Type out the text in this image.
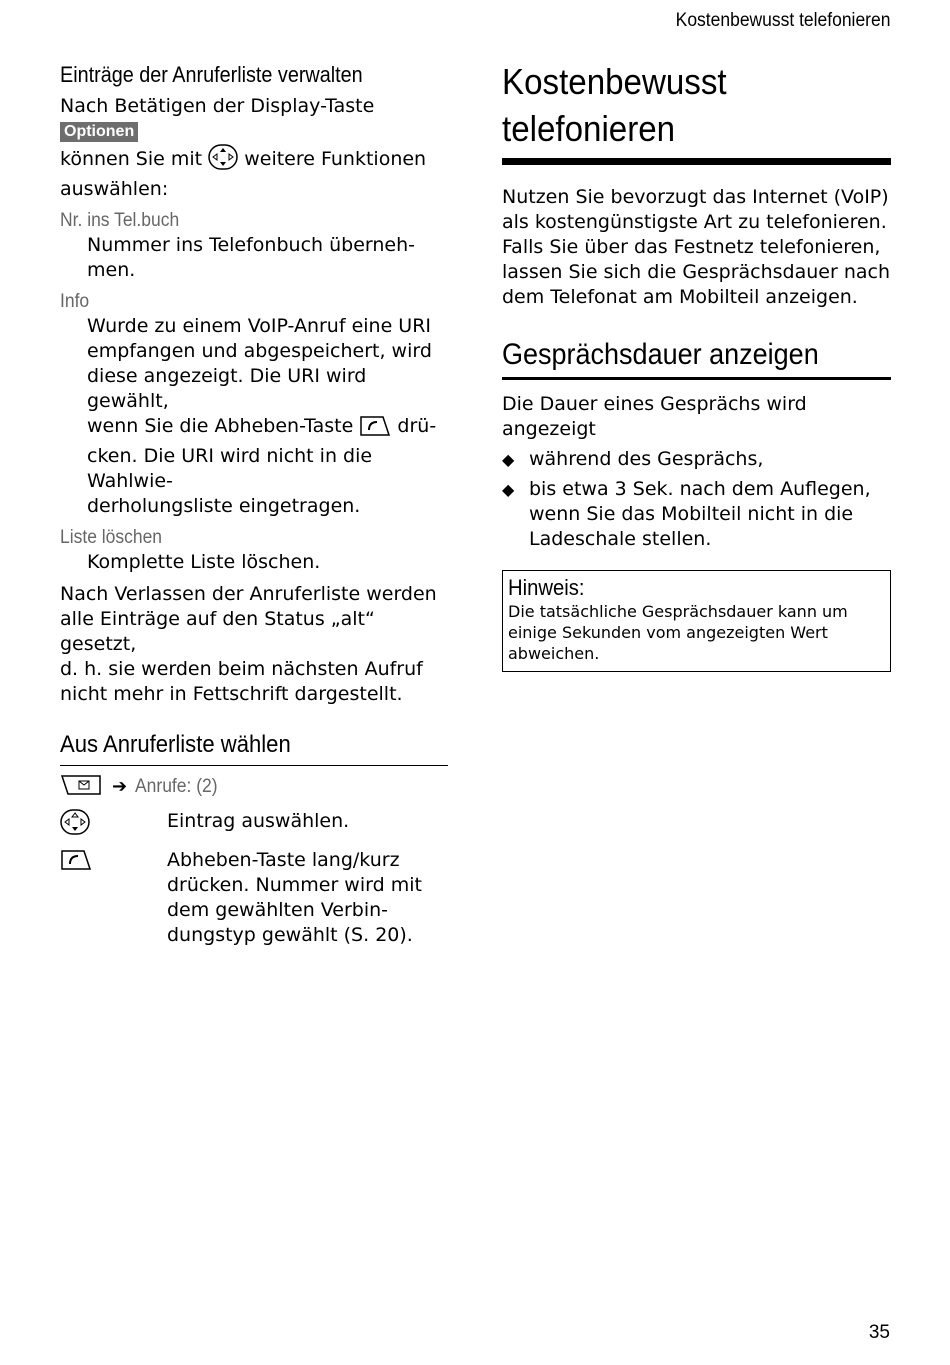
Kostenbewusst telefonieren
Einträge der Anruferliste verwalten

Nach Betätigen der Display-Taste Optionen
können Sie mit weitere Funktionen
auswählen:

Nr. ins Tel.buch
Nummer ins Telefonbuch überneh-
men.
Info
Wurde zu einem VoIP-Anruf eine URI
empfangen und abgespeichert, wird
diese angezeigt. Die URI wird gewählt,
wenn Sie die Abheben-Taste drü-
cken. Die URI wird nicht in die Wahlwie-
derholungsliste eingetragen.
Liste löschen
Komplette Liste löschen.

Nach Verlassen der Anruferliste werden
alle Einträge auf den Status „alt“ gesetzt,
d. h. sie werden beim nächsten Aufruf
nicht mehr in Fettschrift dargestellt.

Aus Anruferliste wählen
➔ Anrufe: (2)
Eintrag auswählen.
Abheben-Taste lang/kurz
drücken. Nummer wird mit
dem gewählten Verbin-
dungstyp gewählt (S. 20).
Kostenbewusst
telefonieren

Nutzen Sie bevorzugt das Internet (VoIP)
als kostengünstigste Art zu telefonieren.
Falls Sie über das Festnetz telefonieren,
lassen Sie sich die Gesprächsdauer nach
dem Telefonat am Mobilteil anzeigen.

Gesprächsdauer anzeigen

Die Dauer eines Gesprächs wird angezeigt

◆ während des Gesprächs,
◆ bis etwa 3 Sek. nach dem Auflegen,
wenn Sie das Mobilteil nicht in die
Ladeschale stellen.
Hinweis:
Die tatsächliche Gesprächsdauer kann um
einige Sekunden vom angezeigten Wert
abweichen.
35
